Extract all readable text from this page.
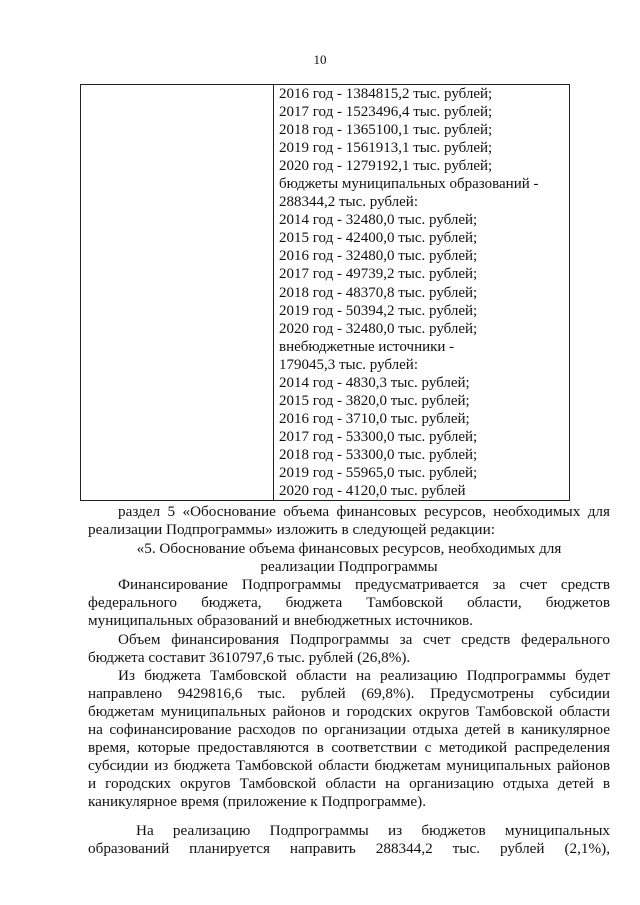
10

2016 год - 1384815,2 тыс. рублей;
2017 год - 1523496,4 тыс. рублей;
2018 год - 1365100,1 тыс. рублей;
2019 год - 1561913,1 тыс. рублей;
2020 год - 1279192,1 тыс. рублей;
бюджеты муниципальных образований -
288344,2 тыс. рублей:
2014 год - 32480,0 тыс. рублей;
2015 год - 42400,0 тыс. рублей;
2016 год - 32480,0 тыс. рублей;
2017 год - 49739,2 тыс. рублей;
2018 год - 48370,8 тыс. рублей;
2019 год - 50394,2 тыс. рублей;
2020 год - 32480,0 тыс. рублей;
внебюджетные источники -
179045,3 тыс. рублей:
2014 год - 4830,3 тыс. рублей;
2015 год - 3820,0 тыс. рублей;
2016 год - 3710,0 тыс. рублей;
2017 год - 53300,0 тыс. рублей;
2018 год - 53300,0 тыс. рублей;
2019 год - 55965,0 тыс. рублей;
2020 год - 4120,0 тыс. рублей
раздел 5 «Обоснование объема финансовых ресурсов, необходимых для
реализации Подпрограммы» изложить в следующей редакции:
«5. Обоснование объема финансовых ресурсов, необходимых для
реализации Подпрограммы
Финансирование Подпрограммы предусматривается за счет средств
федерального бюджета, бюджета Тамбовской области, бюджетов
муниципальных образований и внебюджетных источников.
Объем финансирования Подпрограммы за счет средств федерального
бюджета составит 3610797,6 тыс. рублей (26,8%).
Из бюджета Тамбовской области на реализацию Подпрограммы будет
направлено 9429816,6 тыс. рублей (69,8%). Предусмотрены субсидии
бюджетам муниципальных районов и городских округов Тамбовской области
на софинансирование расходов по организации отдыха детей в каникулярное
время, которые предоставляются в соответствии с методикой распределения
субсидии из бюджета Тамбовской области бюджетам муниципальных районов
и городских округов Тамбовской области на организацию отдыха детей в
каникулярное время (приложение к Подпрограмме).
На реализацию Подпрограммы из бюджетов муниципальных
образований планируется направить 288344,2 тыс. рублей (2,1%),
